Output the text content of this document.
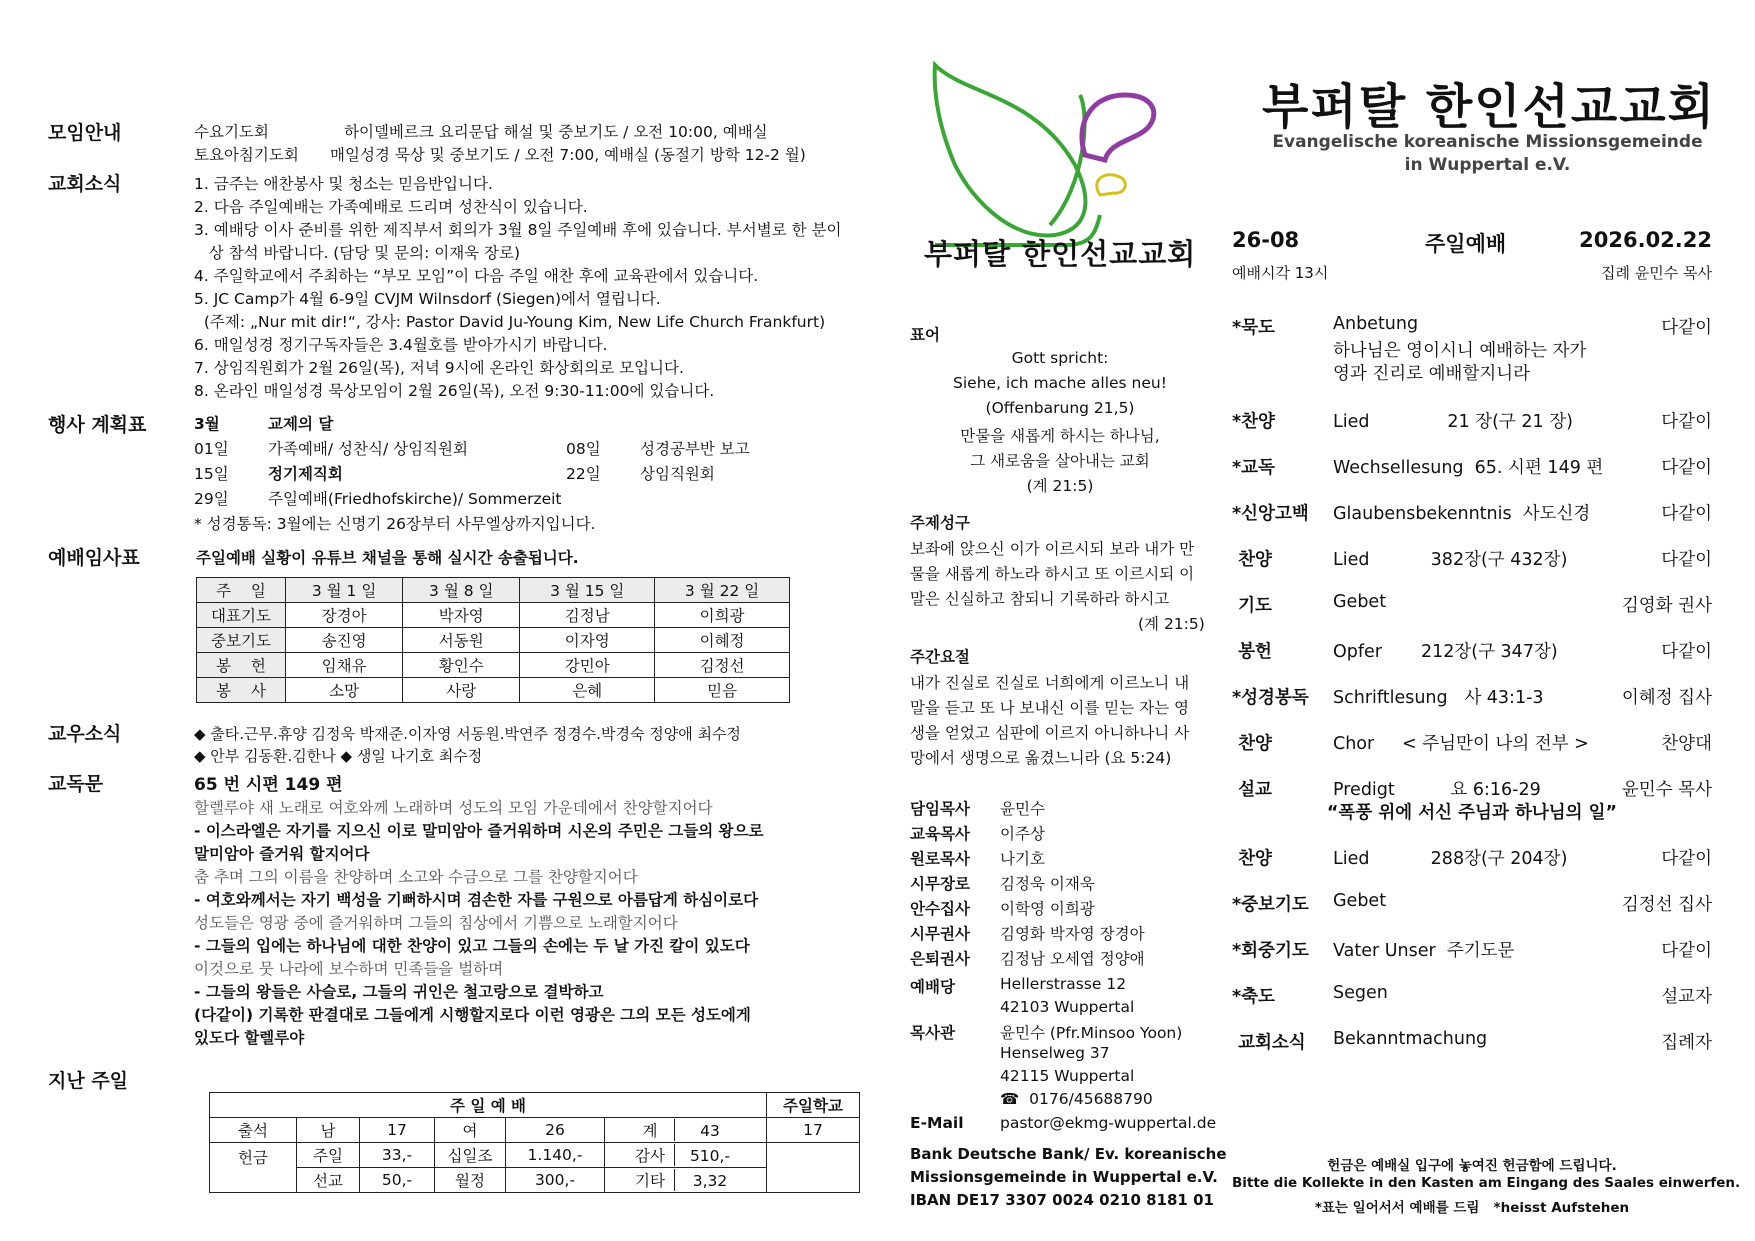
모임안내	수요기도회	하이델베르크 요리문답 해설 및 중보기도 / 오전 10:00, 예배실
토요아침기도회 매일성경 묵상 및 중보기도 / 오전 7:00, 예배실 (동절기 방학 12-2 월)
교회소식	1. 금주는 애찬봉사 및 청소는 믿음반입니다.
2. 다음 주일예배는 가족예배로 드리며 성찬식이 있습니다.
3. 예배당 이사 준비를 위한 제직부서 회의가 3월 8일 주일예배 후에 있습니다. 부서별로 한 분이
상 참석 바랍니다. (담당 및 문의: 이재욱 장로)
4. 주일학교에서 주최하는 “부모 모임”이 다음 주일 애찬 후에 교육관에서 있습니다.
5. JC Camp가 4월 6-9일 CVJM Wilnsdorf (Siegen)에서 열립니다.
(주제: „Nur mit dir!“, 강사: Pastor David Ju-Young Kim, New Life Church Frankfurt)
6. 매일성경 정기구독자들은 3.4월호를 받아가시기 바랍니다.
7. 상임직원회가 2월 26일(목), 저녁 9시에 온라인 화상회의로 모입니다.
8. 온라인 매일성경 묵상모임이 2월 26일(목), 오전 9:30-11:00에 있습니다.
행사 계획표	3월	교제의 달
01일	가족예배/ 성찬식/ 상임직원회	08일	성경공부반 보고
15일	정기제직회	22일	상임직원회
29일	주일예배(Friedhofskirche)/ Sommerzeit
* 성경통독: 3월에는 신명기 26장부터 사무엘상까지입니다.
예배임사표	주일예배 실황이 유튜브 채널을 통해 실시간 송출됩니다.
주    일	3 월 1 일	3 월 8 일	3 월 15 일	3 월 22 일
대표기도	장경아	박자영	김정남	이희광
중보기도	송진영	서동원	이자영	이혜정
봉    헌	임채유	황인수	강민아	김정선
봉    사	소망	사랑	은혜	믿음
교우소식	◆ 출타.근무.휴양 김정욱 박재준.이자영 서동원.박연주 정경수.박경숙 정양애 최수정
◆ 안부 김동환.김한나 ◆ 생일 나기호 최수정
교독문	65 번 시편 149 편
할렐루야 새 노래로 여호와께 노래하며 성도의 모임 가운데에서 찬양할지어다
- 이스라엘은 자기를 지으신 이로 말미암아 즐거워하며 시온의 주민은 그들의 왕으로
말미암아 즐거워 할지어다
춤 추며 그의 이름을 찬양하며 소고와 수금으로 그를 찬양할지어다
- 여호와께서는 자기 백성을 기뻐하시며 겸손한 자를 구원으로 아름답게 하심이로다
성도들은 영광 중에 즐거워하며 그들의 침상에서 기쁨으로 노래할지어다
- 그들의 입에는 하나님에 대한 찬양이 있고 그들의 손에는 두 날 가진 칼이 있도다
이것으로 뭇 나라에 보수하며 민족들을 벌하며
- 그들의 왕들은 사슬로, 그들의 귀인은 철고랑으로 결박하고
(다같이) 기록한 판결대로 그들에게 시행할지로다 이런 영광은 그의 모든 성도에게
있도다 할렐루야
지난 주일
주 일 예 배						주일학교
출석	남	17	여	26	계 43	17
헌금	주일	33,-	십일조	1.140,-	감사 510,-	
	선교	50,-	월정	300,-	기타 3,32	
부퍼탈 한인선교교회
표어
Gott spricht:
Siehe, ich mache alles neu!
(Offenbarung 21,5)
만물을 새롭게 하시는 하나님,
그 새로움을 살아내는 교회
(계 21:5)
주제성구
보좌에 앉으신 이가 이르시되 보라 내가 만
물을 새롭게 하노라 하시고 또 이르시되 이
말은 신실하고 참되니 기록하라 하시고
(계 21:5)
주간요절
내가 진실로 진실로 너희에게 이르노니 내
말을 듣고 또 나 보내신 이를 믿는 자는 영
생을 얻었고 심판에 이르지 아니하나니 사
망에서 생명으로 옮겼느니라 (요 5:24)
담임목사 윤민수
교육목사 이주상
원로목사 나기호
시무장로 김정욱 이재욱
안수집사 이학영 이희광
시무권사 김영화 박자영 장경아
은퇴권사 김정남 오세엽 정양애
예배당	Hellerstrasse 12
42103 Wuppertal
목사관	윤민수 (Pfr.Minsoo Yoon)
Henselweg 37
42115 Wuppertal
☎ 0176/45688790
E-Mail pastor@ekmg-wuppertal.de
Bank Deutsche Bank/ Ev. koreanische
Missionsgemeinde in Wuppertal e.V.
IBAN DE17 3307 0024 0210 8181 01
부퍼탈 한인선교교회
Evangelische koreanische Missionsgemeinde
in Wuppertal e.V.
26-08	주일예배	2026.02.22
예배시각 13시	집례 윤민수 목사
*묵도	Anbetung	다같이
하나님은 영이시니 예배하는 자가
영과 진리로 예배할지니라
*찬양	Lied              21 장(구 21 장)	다같이
*교독	Wechsellesung  65. 시편 149 편	다같이
*신앙고백 Glaubensbekenntnis  사도신경	다같이
찬양	Lied           382장(구 432장)	다같이
기도	Gebet	김영화 권사
봉헌	Opfer       212장(구 347장)	다같이
*성경봉독 Schriftlesung   사 43:1-3	이혜정 집사
찬양	Chor     < 주님만이 나의 전부 >	찬양대
설교	Predigt          요 6:16-29	윤민수 목사
“폭풍 위에 서신 주님과 하나님의 일”
찬양	Lied           288장(구 204장)	다같이
*중보기도 Gebet	김정선 집사
*회중기도 Vater Unser  주기도문	다같이
*축도	Segen	설교자
교회소식 Bekanntmachung	집례자
헌금은 예배실 입구에 놓여진 헌금함에 드립니다.
Bitte die Kollekte in den Kasten am Eingang des Saales einwerfen.
*표는 일어서서 예배를 드림   *heisst Aufstehen
